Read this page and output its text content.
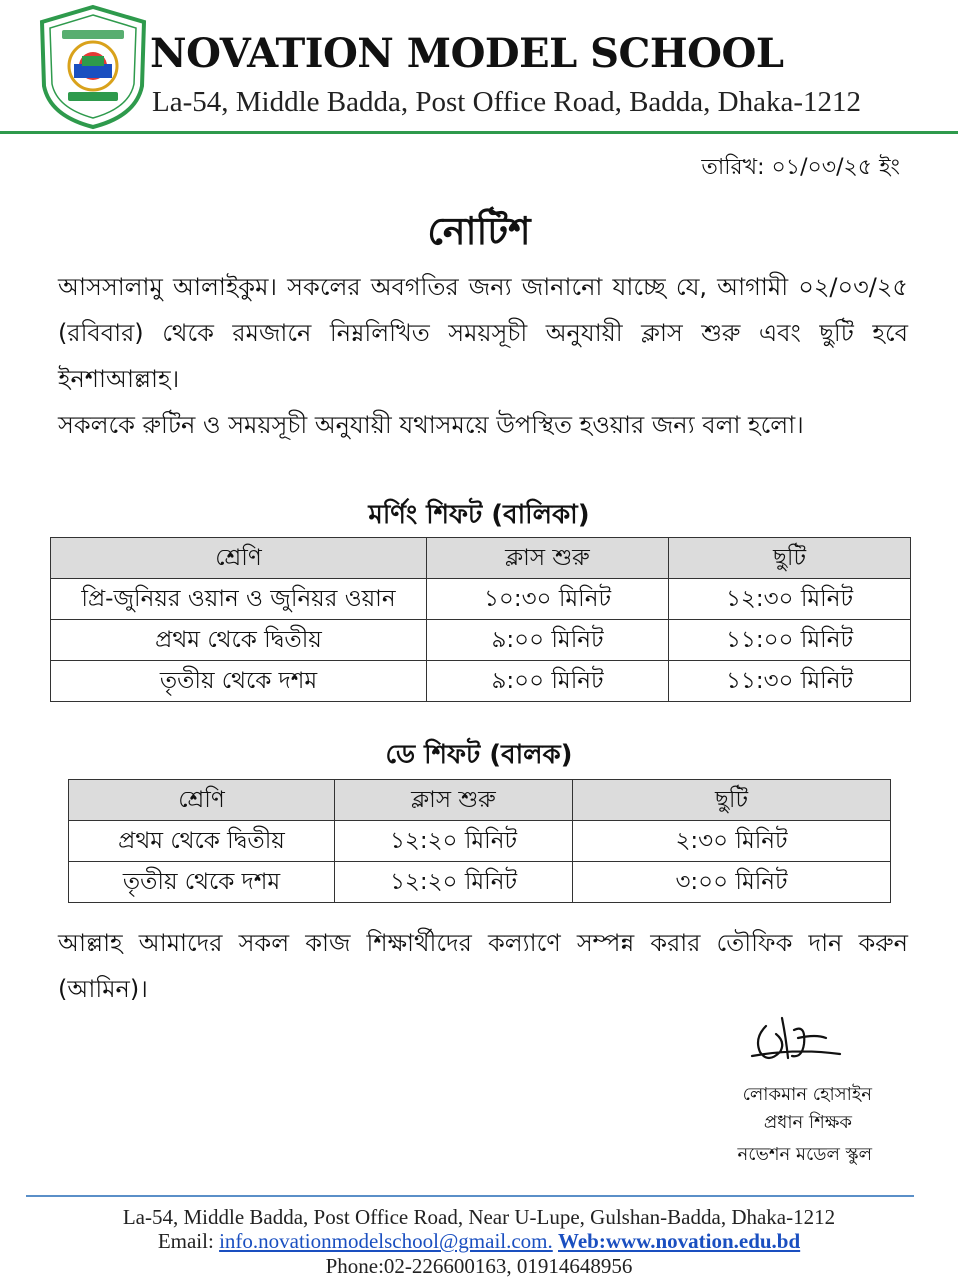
NOVATION MODEL SCHOOL
La-54, Middle Badda, Post Office Road, Badda, Dhaka-1212
তারিখ: ০১/০৩/২৫ ইং
নোটিশ
আসসালামু আলাইকুম। সকলের অবগতির জন্য জানানো যাচ্ছে যে, আগামী ০২/০৩/২৫ (রবিবার) থেকে রমজানে নিম্নলিখিত সময়সূচী অনুযায়ী ক্লাস শুরু এবং ছুটি হবে ইনশাআল্লাহ।
সকলকে রুটিন ও সময়সূচী অনুযায়ী যথাসময়ে উপস্থিত হওয়ার জন্য বলা হলো।
মর্ণিং শিফট (বালিকা)
শ্রেণি	ক্লাস শুরু	ছুটি
প্রি-জুনিয়র ওয়ান ও জুনিয়র ওয়ান	১০:৩০ মিনিট	১২:৩০ মিনিট
প্রথম থেকে দ্বিতীয়	৯:০০ মিনিট	১১:০০ মিনিট
তৃতীয় থেকে দশম	৯:০০ মিনিট	১১:৩০ মিনিট
ডে শিফট (বালক)
শ্রেণি	ক্লাস শুরু	ছুটি
প্রথম থেকে দ্বিতীয়	১২:২০ মিনিট	২:৩০ মিনিট
তৃতীয় থেকে দশম	১২:২০ মিনিট	৩:০০ মিনিট
আল্লাহ আমাদের সকল কাজ শিক্ষার্থীদের কল্যাণে সম্পন্ন করার তৌফিক দান করুন (আমিন)।
লোকমান হোসাইন
প্রধান শিক্ষক
নভেশন মডেল স্কুল
La-54, Middle Badda, Post Office Road, Near U-Lupe, Gulshan-Badda, Dhaka-1212
Email: info.novationmodelschool@gmail.com. Web:www.novation.edu.bd
Phone:02-226600163, 01914648956
